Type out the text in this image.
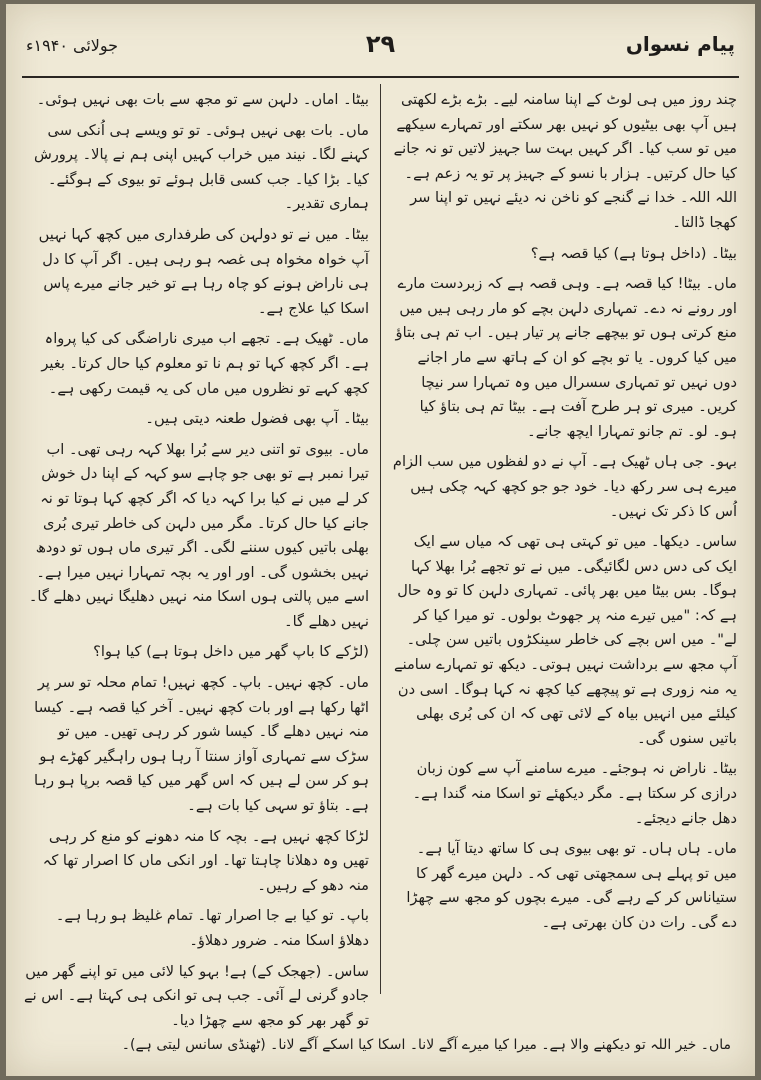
پیام نسواں
۲۹
جولائی ۱۹۴۰ء

چند روز میں ہی لوٹ کے اپنا سامنہ لیے۔ بڑے بڑے لکھتی ہیں آپ بھی بیٹیوں کو نہیں بھر سکتے اور تمہارے سیکھے میں تو سب کیا۔ اگر کہیں بہت سا جہیز لاتیں تو نہ جانے کیا حال کرتیں۔ ہزار با نسو کے جہیز پر تو یہ زعم ہے۔ اللہ اللہ۔ خدا نے گنجے کو ناخن نہ دیئے نہیں تو اپنا سر کھجا ڈالتا۔

بیٹا۔ (داخل ہوتا ہے) کیا قصہ ہے؟

ماں۔ بیٹا! کیا قصہ ہے۔ وہی قصہ ہے کہ زبردست مارے اور رونے نہ دے۔ تمہاری دلہن بچے کو مار رہی ہیں میں منع کرتی ہوں تو بیچھے جانے پر تیار ہیں۔ اب تم ہی بتاؤ میں کیا کروں۔ یا تو بچے کو ان کے ہاتھ سے مار اجانے دوں نہیں تو تمہاری سسرال میں وہ تمہارا سر نیچا کریں۔ میری تو ہر طرح آفت ہے۔ بیٹا تم ہی بتاؤ کیا ہو۔ لو۔ تم جانو تمہارا ایچھ جانے۔

بہو۔ جی ہاں ٹھیک ہے۔ آپ نے دو لفظوں میں سب الزام میرے ہی سر رکھ دیا۔ خود جو جو کچھ کہہ چکی ہیں اُس کا ذکر تک نہیں۔

ساس۔ دیکھا۔ میں تو کہتی ہی تھی کہ میاں سے ایک ایک کی دس دس لگائیگی۔ میں نے تو تجھے بُرا بھلا کہا ہوگا۔ بس بیٹا میں بھر پائی۔ تمہاری دلہن کا تو وہ حال ہے کہ: "میں تیرے منہ پر جھوٹ بولوں۔ تو میرا کیا کر لے"۔ میں اس بچے کی خاطر سینکڑوں باتیں سن چلی۔ آپ مجھ سے برداشت نہیں ہوتی۔ دیکھ تو تمہارے سامنے یہ منہ زوری ہے تو پیچھے کیا کچھ نہ کہا ہوگا۔ اسی دن کیلئے میں انہیں بیاہ کے لائی تھی کہ ان کی بُری بھلی باتیں سنوں گی۔

بیٹا۔ ناراض نہ ہوجئے۔ میرے سامنے آپ سے کون زبان درازی کر سکتا ہے۔ مگر دیکھئے تو اسکا منہ گندا ہے۔ دھل جانے دیجئے۔

ماں۔ ہاں ہاں۔ تو بھی بیوی ہی کا ساتھ دیتا آیا ہے۔ میں تو پہلے ہی سمجھتی تھی کہ۔ دلہن میرے گھر کا ستیاناس کر کے رہے گی۔ میرے بچوں کو مجھ سے چھڑا دے گی۔ رات دن کان بھرتی ہے۔

بیٹا۔ اماں۔ دلہن سے تو مجھ سے بات بھی نہیں ہوئی۔

ماں۔ بات بھی نہیں ہوئی۔ تو تو ویسے ہی اُنکی سی کہنے لگا۔ نیند میں خراب کہیں اپنی ہم نے پالا۔ پرورش کیا۔ بڑا کیا۔ جب کسی قابل ہوئے تو بیوی کے ہوگئے۔ ہماری تقدیر۔

بیٹا۔ میں نے تو دولہن کی طرفداری میں کچھ کہا نہیں آپ خواہ مخواہ ہی غصہ ہو رہی ہیں۔ اگر آپ کا دل ہی ناراض ہونے کو چاہ رہا ہے تو خیر جانے میرے پاس اسکا کیا علاج ہے۔

ماں۔ ٹھیک ہے۔ تجھے اب میری ناراضگی کی کیا پرواہ ہے۔ اگر کچھ کہا تو ہم نا تو معلوم کیا حال کرتا۔ بغیر کچھ کہے تو نظروں میں ماں کی یہ قیمت رکھی ہے۔

بیٹا۔ آپ بھی فضول طعنہ دیتی ہیں۔

ماں۔ بیوی تو اتنی دیر سے بُرا بھلا کہہ رہی تھی۔ اب تیرا نمبر ہے تو بھی جو چاہے سو کہہ کے اپنا دل خوش کر لے میں نے کیا برا کہہ دیا کہ اگر کچھ کہا ہوتا تو نہ جانے کیا حال کرتا۔ مگر میں دلہن کی خاطر تیری بُری بھلی باتیں کیوں سننے لگی۔ اگر تیری ماں ہوں تو دودھ نہیں بخشوں گی۔ اور اور یہ بچہ تمہارا نہیں میرا ہے۔ اسے میں پالتی ہوں اسکا منہ نہیں دھلیگا نہیں دھلے گا۔ نہیں دھلے گا۔

(لڑکے کا باپ گھر میں داخل ہوتا ہے) کیا ہوا؟

ماں۔ کچھ نہیں۔ باپ۔ کچھ نہیں! تمام محلہ تو سر پر اٹھا رکھا ہے اور بات کچھ نہیں۔ آخر کیا قصہ ہے۔ کیسا منہ نہیں دھلے گا۔ کیسا شور کر رہی تھیں۔ میں تو سڑک سے تمہاری آواز سنتا آ رہا ہوں راہگیر کھڑے ہو ہو کر سن لے ہیں کہ اس گھر میں کیا قصہ برپا ہو رہا ہے۔ بتاؤ تو سہی کیا بات ہے۔

لڑکا کچھ نہیں ہے۔ بچہ کا منہ دھونے کو منع کر رہی تھیں وہ دھلانا چاہتا تھا۔ اور انکی ماں کا اصرار تھا کہ منہ دھو کے رہیں۔

باپ۔ تو کیا بے جا اصرار تھا۔ تمام غلیظ ہو رہا ہے۔ دھلاؤ اسکا منہ۔ ضرور دھلاؤ۔

ساس۔ (جھجک کے) ہے! بہو کیا لائی میں تو اپنے گھر میں جادو گرنی لے آئی۔ جب ہی تو انکی ہی کہتا ہے۔ اس نے تو گھر بھر کو مجھ سے چھڑا دیا۔

ماں۔ خیر اللہ تو دیکھنے والا ہے۔ میرا کیا میرے آگے لانا۔ اسکا کیا اسکے آگے لانا۔ (ٹھنڈی سانس لیتی ہے)۔
